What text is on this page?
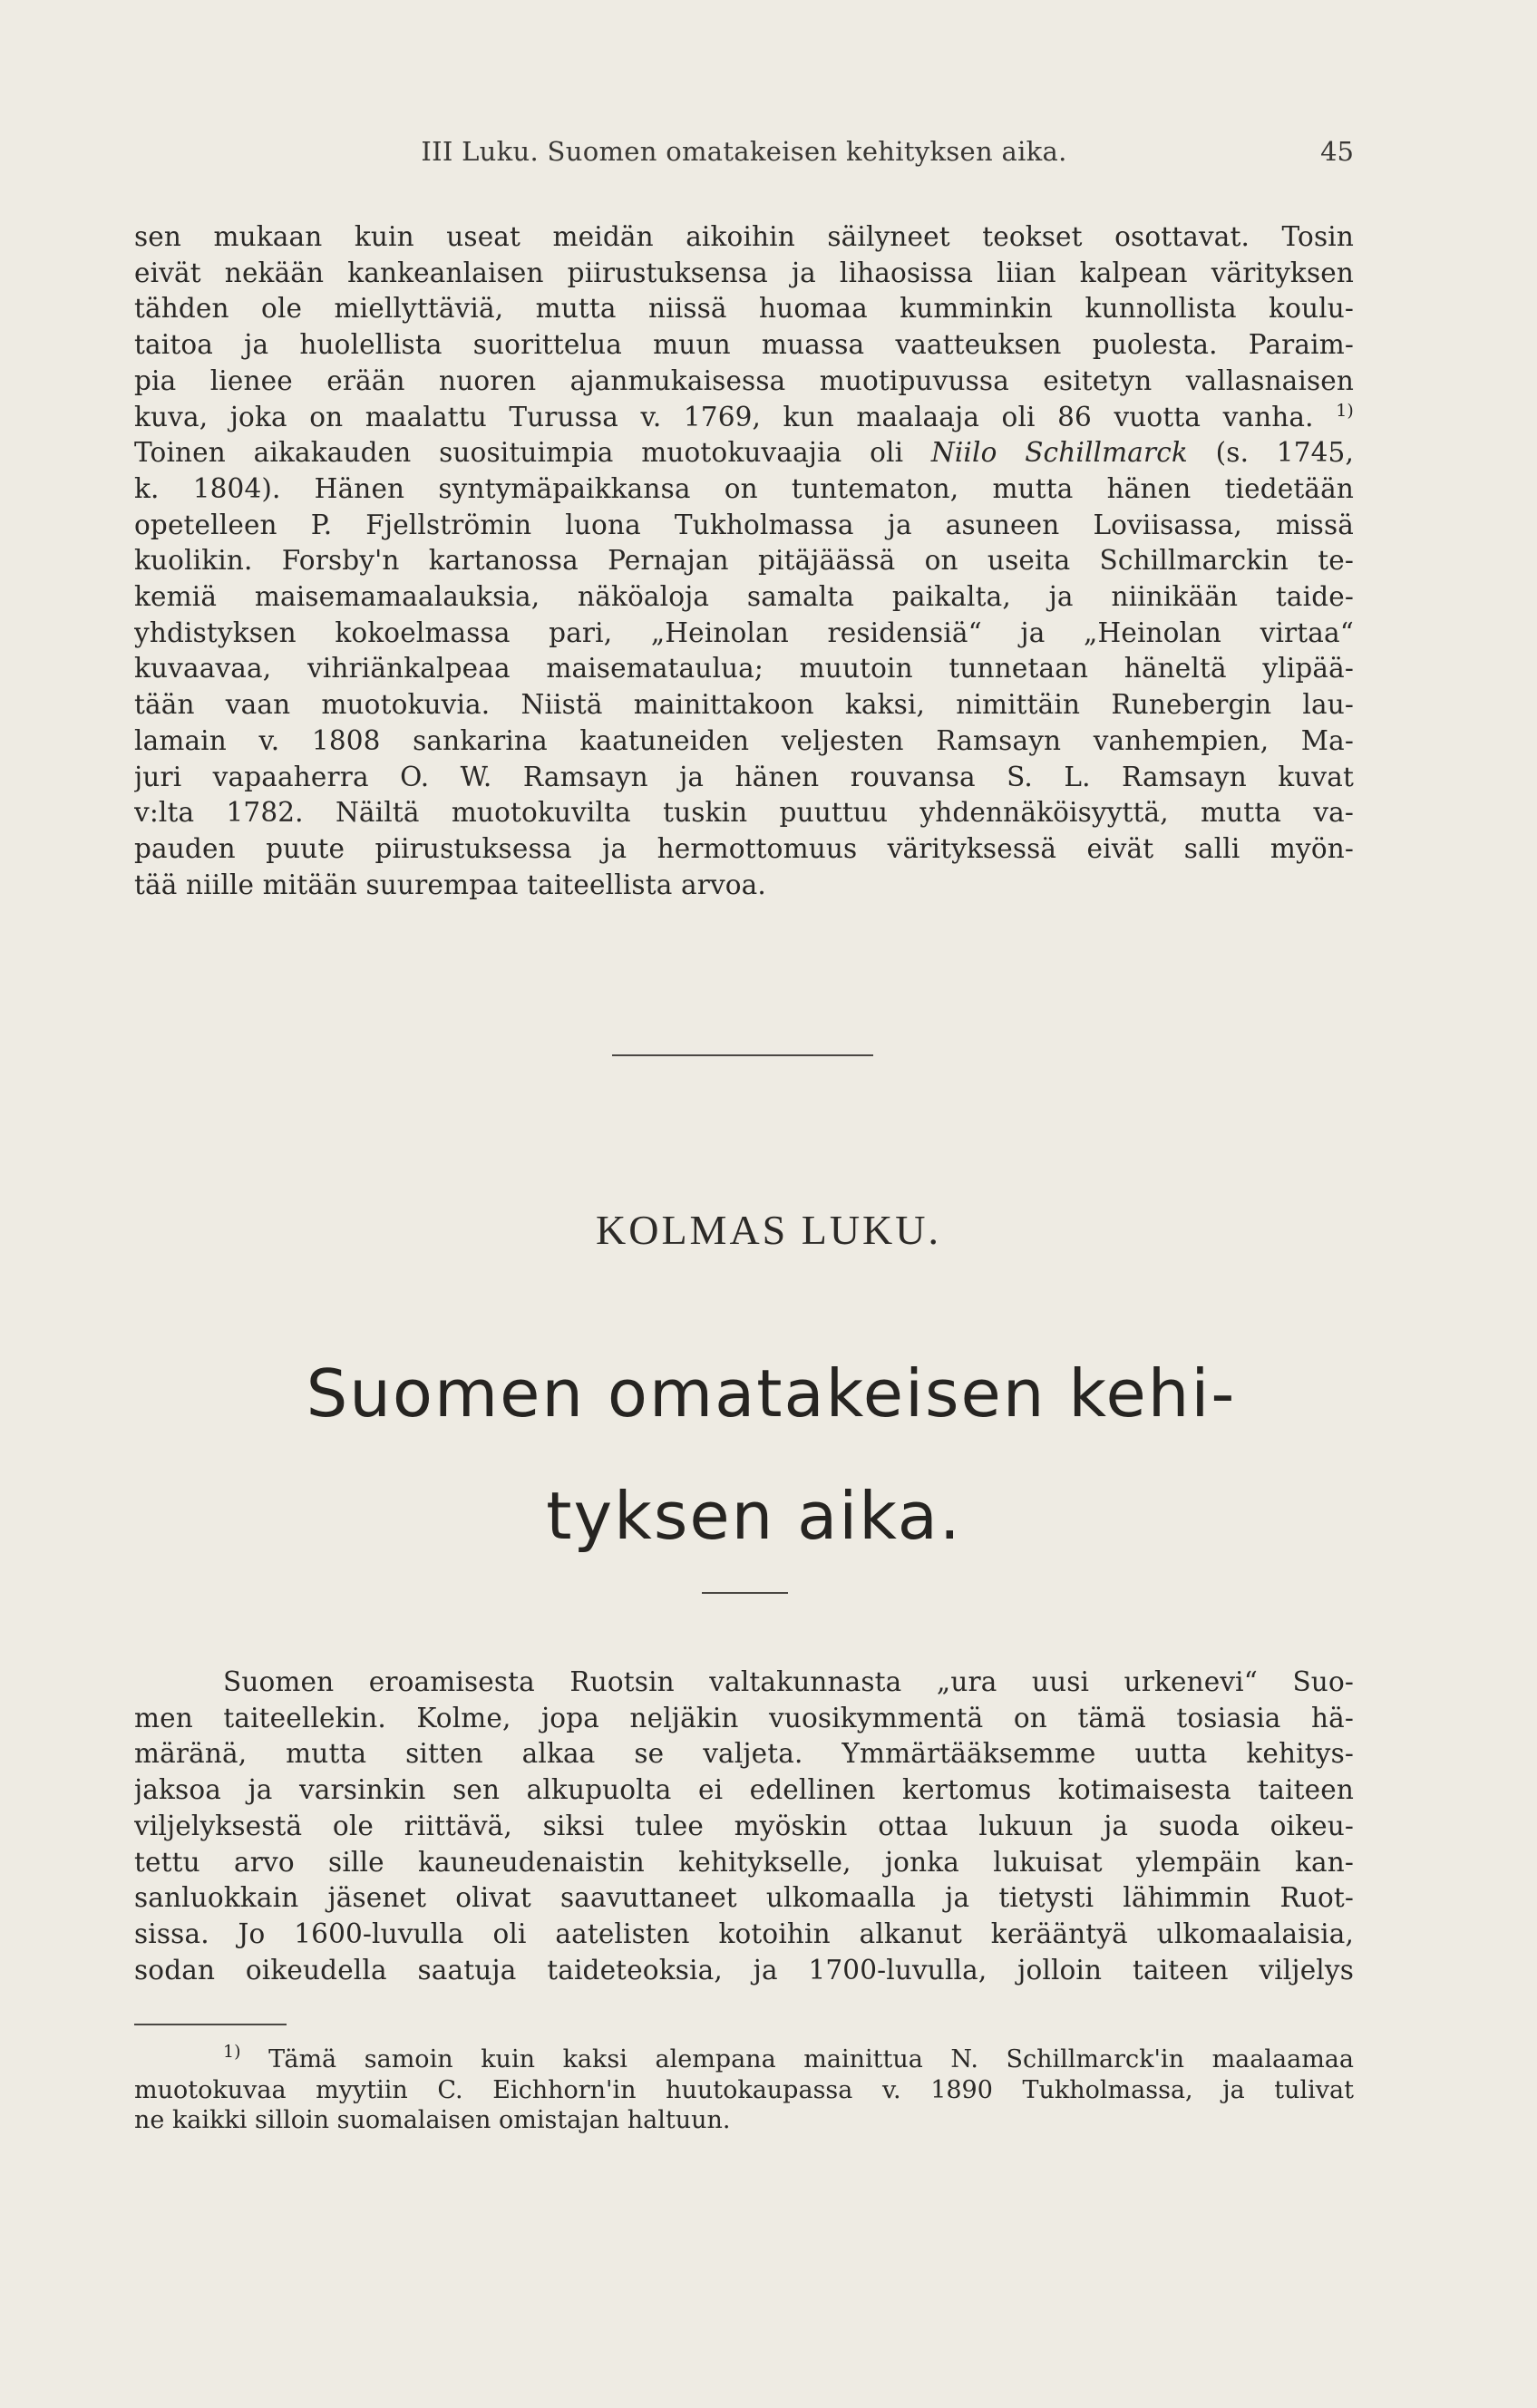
III Luku. Suomen omatakeisen kehityksen aika.	45
sen mukaan kuin useat meidän aikoihin säilyneet teokset osottavat. Tosin
eivät nekään kankeanlaisen piirustuksensa ja lihaosissa liian kalpean värityksen
tähden ole miellyttäviä, mutta niissä huomaa kumminkin kunnollista koulu-
taitoa ja huolellista suorittelua muun muassa vaatteuksen puolesta. Paraim-
pia lienee erään nuoren ajanmukaisessa muotipuvussa esitetyn vallasnaisen
kuva, joka on maalattu Turussa v. 1769, kun maalaaja oli 86 vuotta vanha. $^{1)}$
Toinen aikakauden suosituimpia muotokuvaajia oli Niilo Schillmarck (s. 1745,
k. 1804). Hänen syntymäpaikkansa on tuntematon, mutta hänen tiedetään
opetelleen P. Fjellströmin luona Tukholmassa ja asuneen Loviisassa, missä
kuolikin. Forsby'n kartanossa Pernajan pitäjäässä on useita Schillmarckin te-
kemiä maisemamaalauksia, näköaloja samalta paikalta, ja niinikään taide-
yhdistyksen kokoelmassa pari, „Heinolan residensiä“ ja „Heinolan virtaa“
kuvaavaa, vihriänkalpeaa maisemataulua; muutoin tunnetaan häneltä ylipää-
tään vaan muotokuvia. Niistä mainittakoon kaksi, nimittäin Runebergin lau-
lamain v. 1808 sankarina kaatuneiden veljesten Ramsayn vanhempien, Ma-
juri vapaaherra O. W. Ramsayn ja hänen rouvansa S. L. Ramsayn kuvat
v:lta 1782. Näiltä muotokuvilta tuskin puuttuu yhdennäköisyyttä, mutta va-
pauden puute piirustuksessa ja hermottomuus värityksessä eivät salli myön-
tää niille mitään suurempaa taiteellista arvoa.
KOLMAS LUKU.
Suomen omatakeisen kehi-
tyksen aika.
Suomen eroamisesta Ruotsin valtakunnasta „ura uusi urkenevi“ Suo-
men taiteellekin. Kolme, jopa neljäkin vuosikymmentä on tämä tosiasia hä-
märänä, mutta sitten alkaa se valjeta. Ymmärtääksemme uutta kehitys-
jaksoa ja varsinkin sen alkupuolta ei edellinen kertomus kotimaisesta taiteen
viljelyksestä ole riittävä, siksi tulee myöskin ottaa lukuun ja suoda oikeu-
tettu arvo sille kauneudenaistin kehitykselle, jonka lukuisat ylempäin kan-
sanluokkain jäsenet olivat saavuttaneet ulkomaalla ja tietysti lähimmin Ruot-
sissa. Jo 1600-luvulla oli aatelisten kotoihin alkanut kerääntyä ulkomaalaisia,
sodan oikeudella saatuja taideteoksia, ja 1700-luvulla, jolloin taiteen viljelys
$^{1)}$ Tämä samoin kuin kaksi alempana mainittua N. Schillmarck'in maalaamaa
muotokuvaa myytiin C. Eichhorn'in huutokaupassa v. 1890 Tukholmassa, ja tulivat
ne kaikki silloin suomalaisen omistajan haltuun.
